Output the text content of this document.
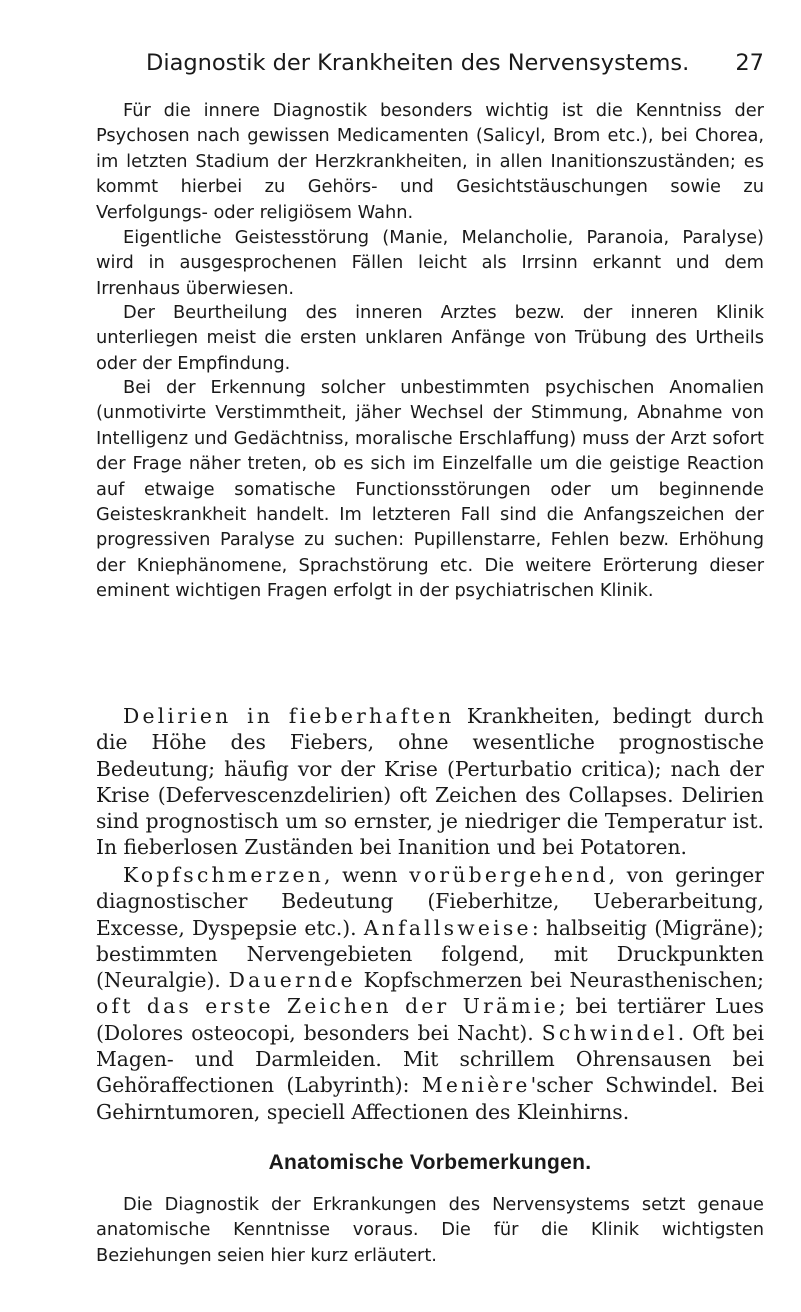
Diagnostik der Krankheiten des Nervensystems. 27

Für die innere Diagnostik besonders wichtig ist die Kenntniss der Psychosen nach gewissen Medicamenten (Salicyl, Brom etc.), bei Chorea, im letzten Stadium der Herzkrankheiten, in allen Inanitionszuständen; es kommt hierbei zu Gehörs- und Gesichtstäuschungen sowie zu Verfolgungs- oder religiösem Wahn.

Eigentliche Geistesstörung (Manie, Melancholie, Paranoia, Paralyse) wird in ausgesprochenen Fällen leicht als Irrsinn erkannt und dem Irrenhaus überwiesen.

Der Beurtheilung des inneren Arztes bezw. der inneren Klinik unterliegen meist die ersten unklaren Anfänge von Trübung des Urtheils oder der Empfindung.

Bei der Erkennung solcher unbestimmten psychischen Anomalien (unmotivirte Verstimmtheit, jäher Wechsel der Stimmung, Abnahme von Intelligenz und Gedächtniss, moralische Erschlaffung) muss der Arzt sofort der Frage näher treten, ob es sich im Einzelfalle um die geistige Reaction auf etwaige somatische Functionsstörungen oder um beginnende Geisteskrankheit handelt. Im letzteren Fall sind die Anfangszeichen der progressiven Paralyse zu suchen: Pupillenstarre, Fehlen bezw. Erhöhung der Kniephänomene, Sprachstörung etc. Die weitere Erörterung dieser eminent wichtigen Fragen erfolgt in der psychiatrischen Klinik.

Delirien in fieberhaften Krankheiten, bedingt durch die Höhe des Fiebers, ohne wesentliche prognostische Bedeutung; häufig vor der Krise (Perturbatio critica); nach der Krise (Defervescenzdelirien) oft Zeichen des Collapses. Delirien sind prognostisch um so ernster, je niedriger die Temperatur ist. In fieberlosen Zuständen bei Inanition und bei Potatoren.

Kopfschmerzen, wenn vorübergehend, von geringer diagnostischer Bedeutung (Fieberhitze, Ueberarbeitung, Excesse, Dyspepsie etc.). Anfallsweise: halbseitig (Migräne); bestimmten Nervengebieten folgend, mit Druckpunkten (Neuralgie). Dauernde Kopfschmerzen bei Neurasthenischen; oft das erste Zeichen der Urämie; bei tertiärer Lues (Dolores osteocopi, besonders bei Nacht). Schwindel. Oft bei Magen- und Darmleiden. Mit schrillem Ohrensausen bei Gehöraffectionen (Labyrinth): Menière'scher Schwindel. Bei Gehirntumoren, speciell Affectionen des Kleinhirns.

Anatomische Vorbemerkungen.

Die Diagnostik der Erkrankungen des Nervensystems setzt genaue anatomische Kenntnisse voraus. Die für die Klinik wichtigsten Beziehungen seien hier kurz erläutert.
